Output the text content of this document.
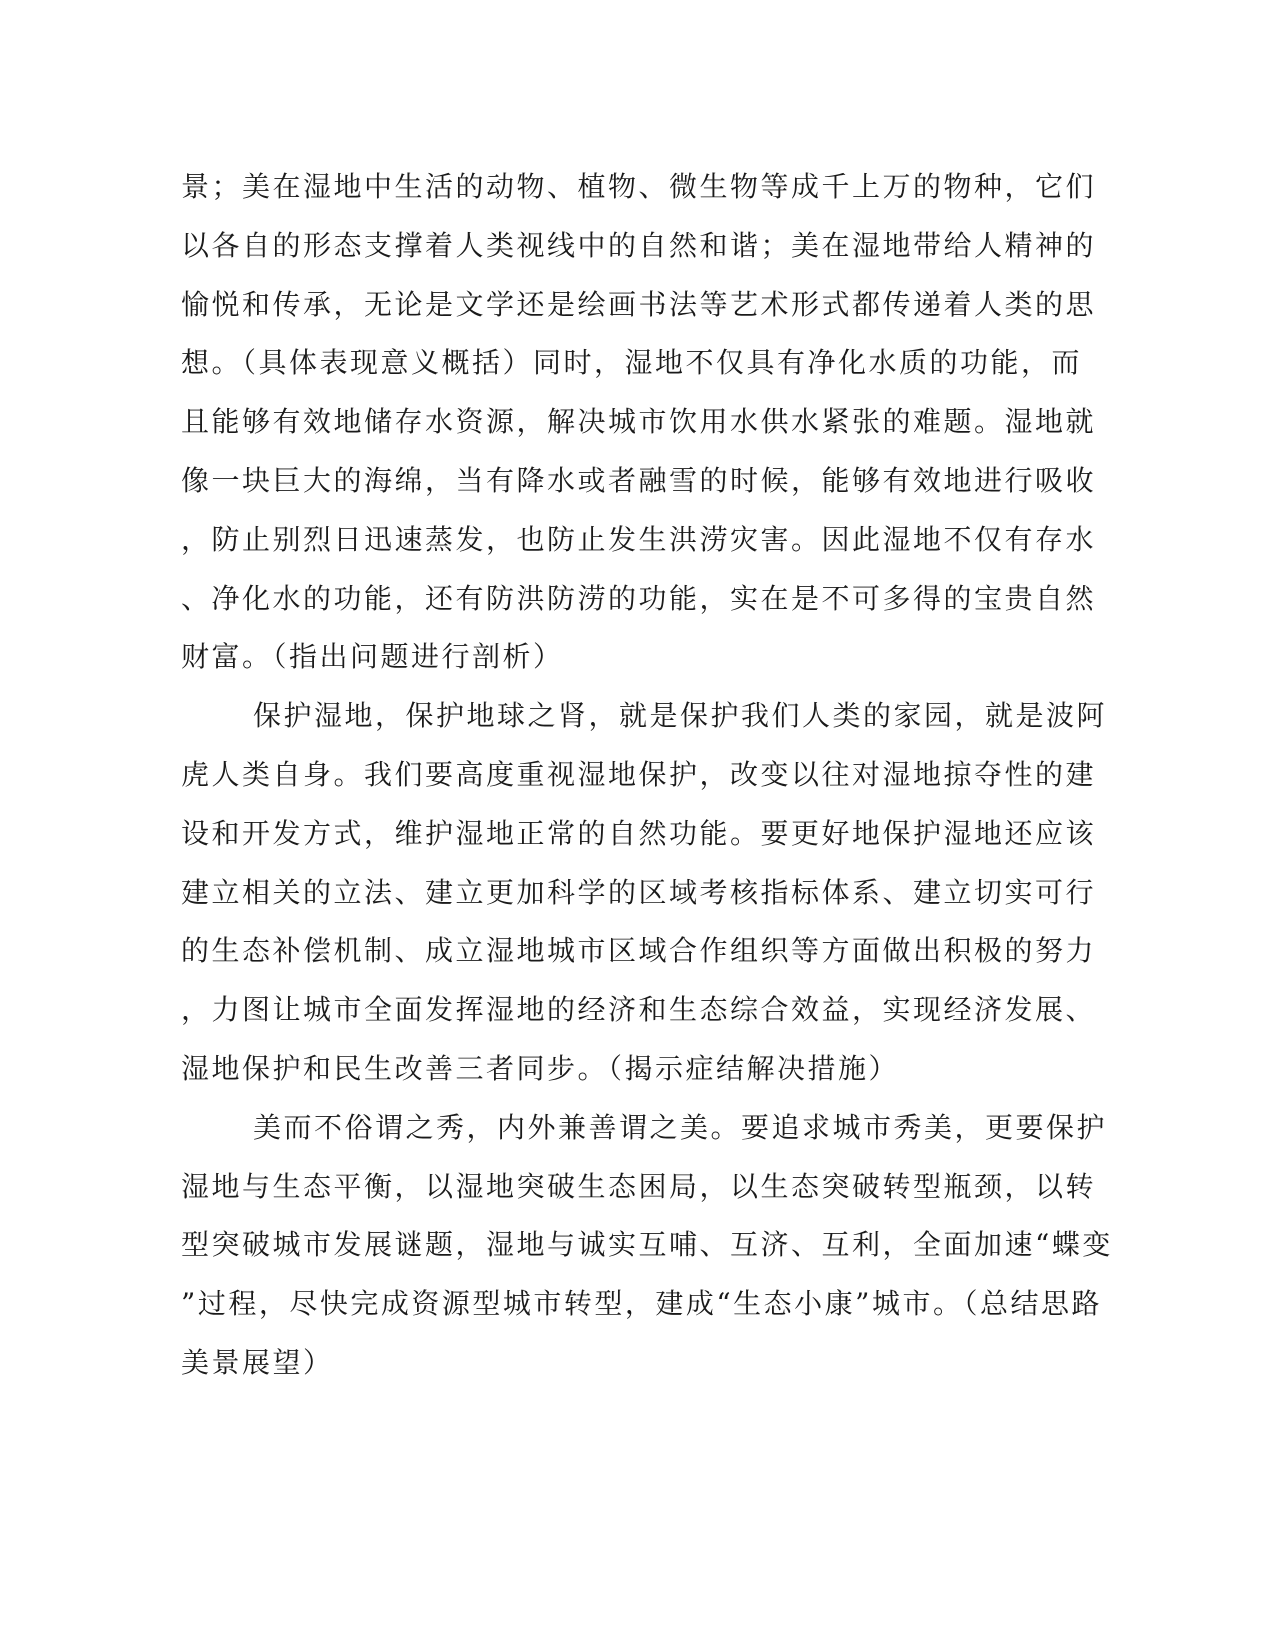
景；美在湿地中生活的动物、植物、微生物等成千上万的物种，它们
以各自的形态支撑着人类视线中的自然和谐；美在湿地带给人精神的
愉悦和传承，无论是文学还是绘画书法等艺术形式都传递着人类的思
想。（具体表现意义概括）同时，湿地不仅具有净化水质的功能，而
且能够有效地储存水资源，解决城市饮用水供水紧张的难题。湿地就
像一块巨大的海绵，当有降水或者融雪的时候，能够有效地进行吸收
，防止别烈日迅速蒸发，也防止发生洪涝灾害。因此湿地不仅有存水
、净化水的功能，还有防洪防涝的功能，实在是不可多得的宝贵自然
财富。（指出问题进行剖析）
保护湿地，保护地球之肾，就是保护我们人类的家园，就是波阿
虎人类自身。我们要高度重视湿地保护，改变以往对湿地掠夺性的建
设和开发方式，维护湿地正常的自然功能。要更好地保护湿地还应该
建立相关的立法、建立更加科学的区域考核指标体系、建立切实可行
的生态补偿机制、成立湿地城市区域合作组织等方面做出积极的努力
，力图让城市全面发挥湿地的经济和生态综合效益，实现经济发展、
湿地保护和民生改善三者同步。（揭示症结解决措施）
美而不俗谓之秀，内外兼善谓之美。要追求城市秀美，更要保护
湿地与生态平衡，以湿地突破生态困局，以生态突破转型瓶颈，以转
型突破城市发展谜题，湿地与诚实互哺、互济、互利，全面加速“蝶变
”过程，尽快完成资源型城市转型，建成“生态小康”城市。（总结思路
美景展望）
